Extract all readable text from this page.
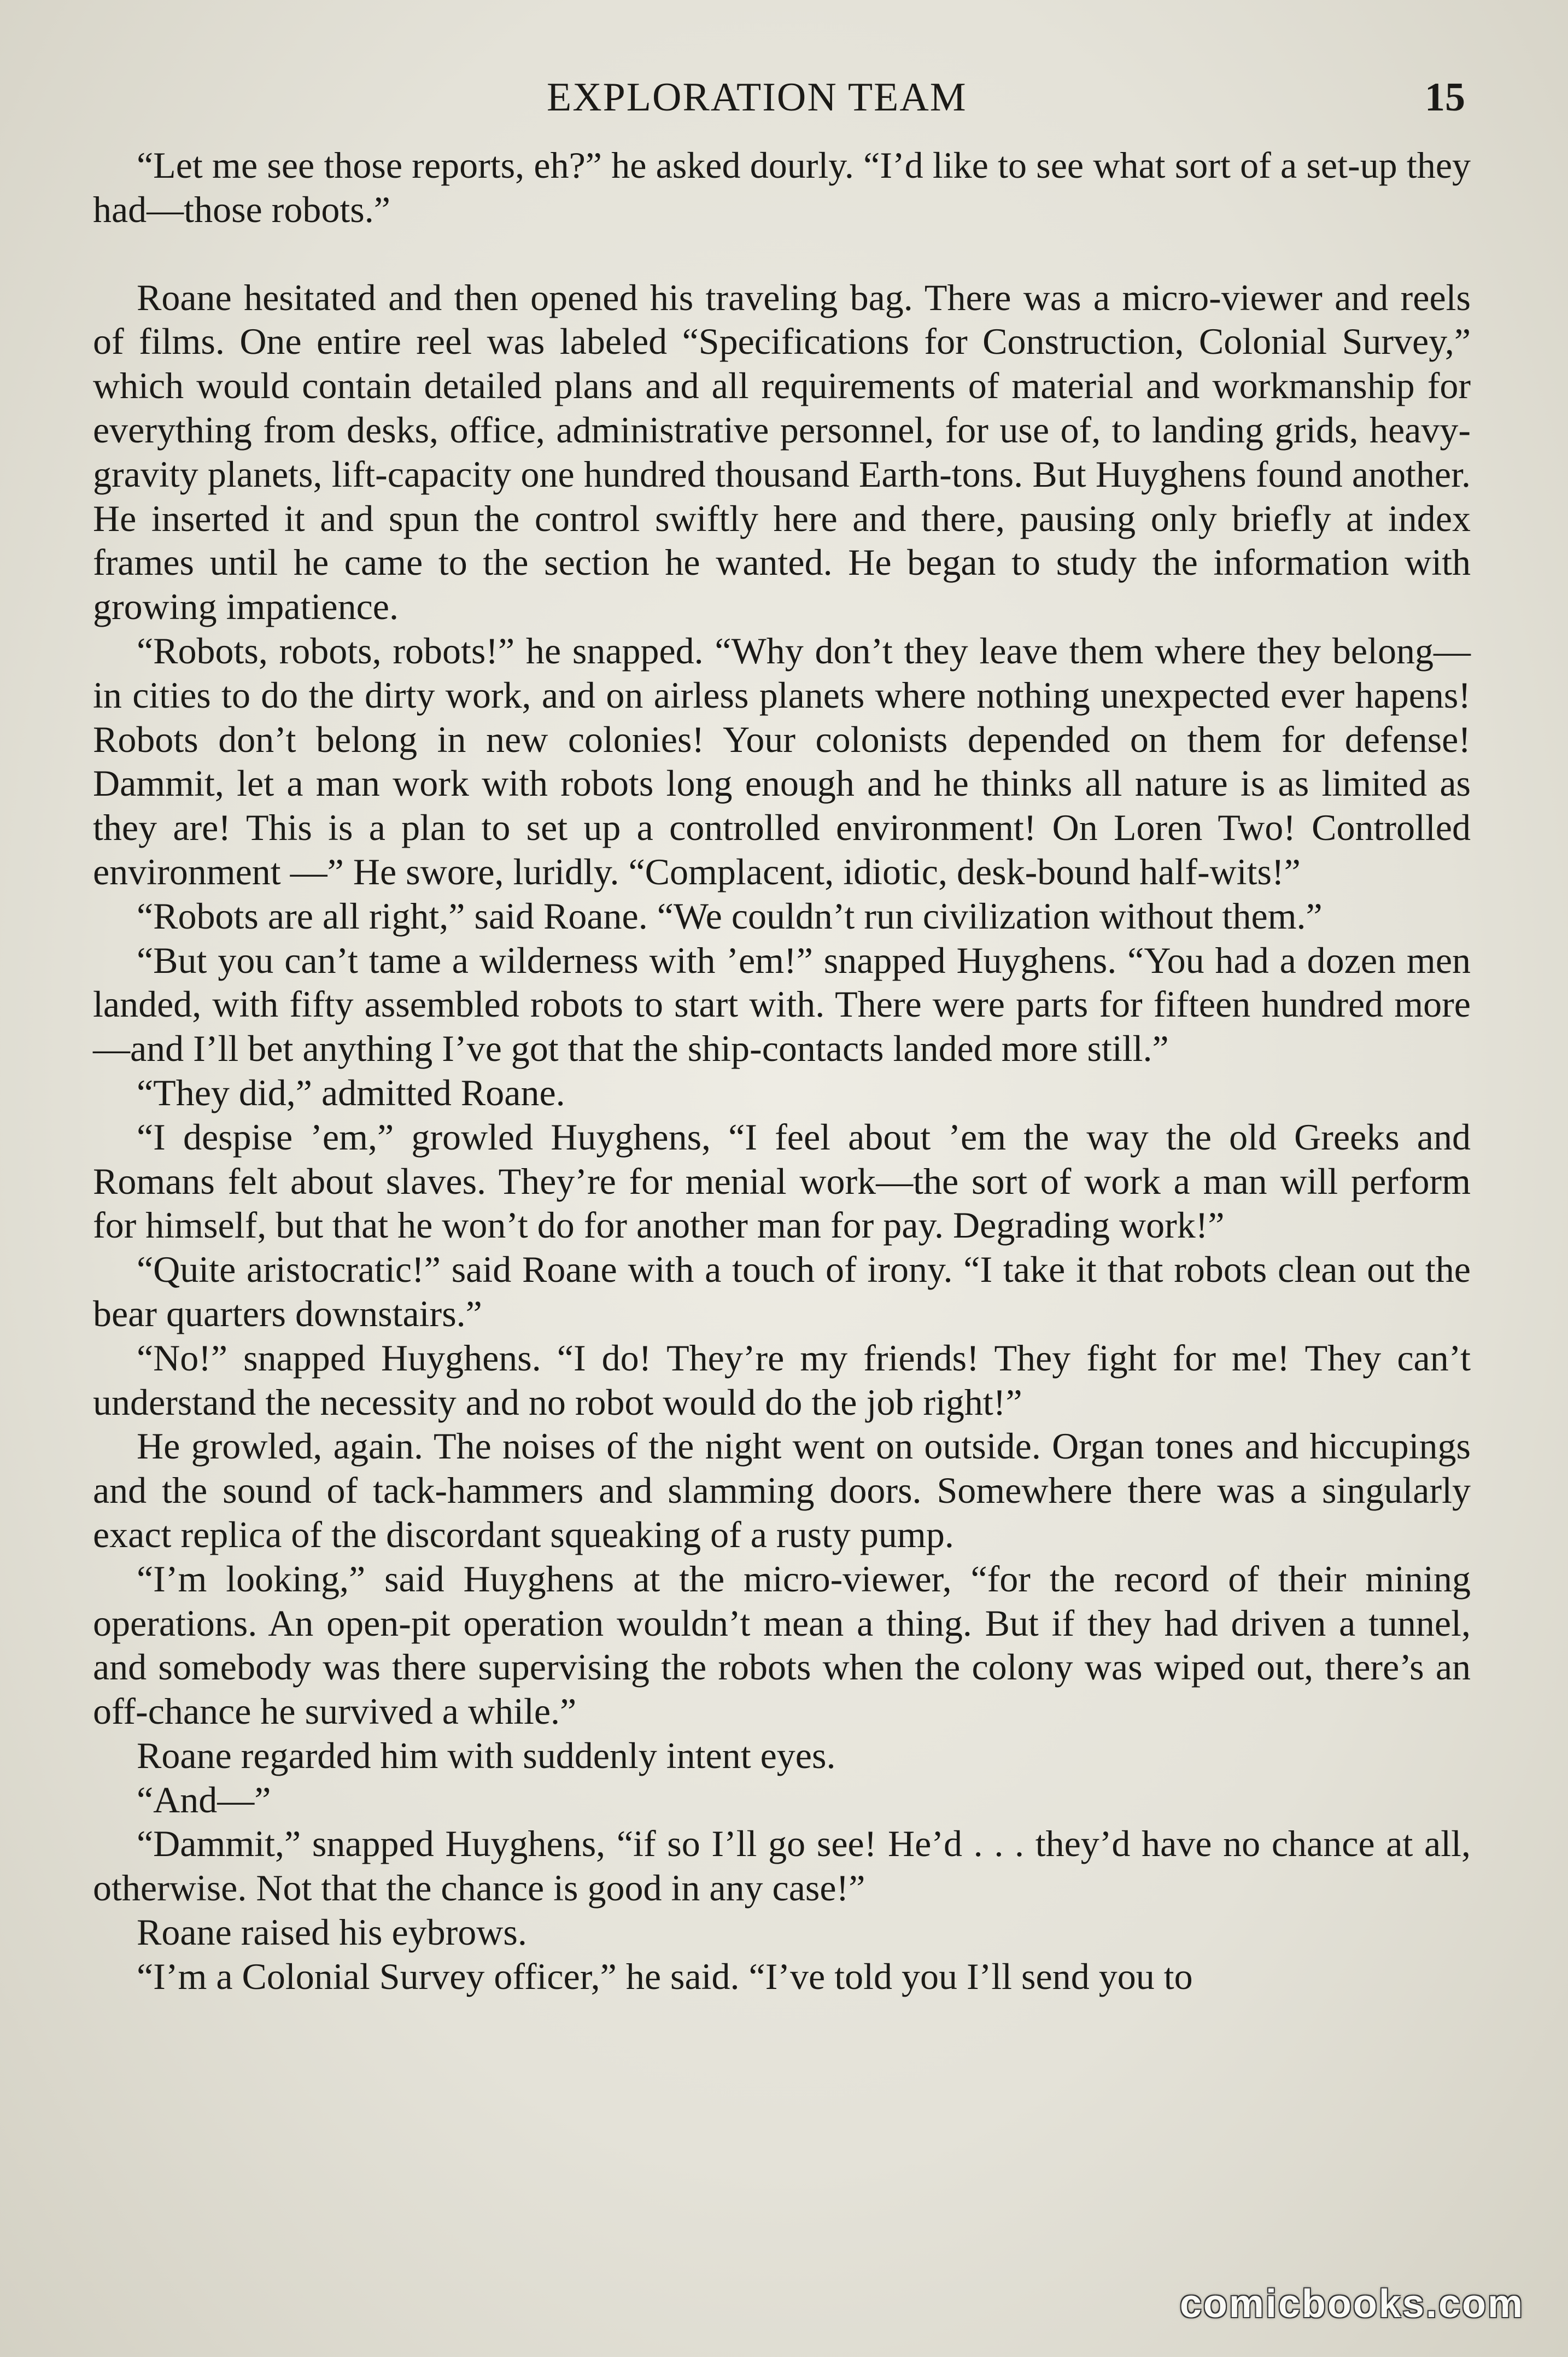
EXPLORATION TEAM	15

“Let me see those reports, eh?” he asked dourly. “I’d like to see what sort of a set-up they had—those robots.”

Roane hesitated and then opened his traveling bag. There was a micro-viewer and reels of films. One entire reel was labeled “Specifications for Construction, Colonial Survey,” which would contain detailed plans and all requirements of material and workmanship for everything from desks, office, administrative personnel, for use of, to landing grids, heavy-gravity planets, lift-capacity one hundred thousand Earth-tons. But Huyghens found another. He inserted it and spun the control swiftly here and there, pausing only briefly at index frames until he came to the section he wanted. He began to study the information with growing impatience.

“Robots, robots, robots!” he snapped. “Why don’t they leave them where they belong—in cities to do the dirty work, and on airless planets where nothing unexpected ever hapens! Robots don’t belong in new colonies! Your colonists depended on them for defense! Dammit, let a man work with robots long enough and he thinks all nature is as limited as they are! This is a plan to set up a controlled environment! On Loren Two! Controlled environment —” He swore, luridly. “Complacent, idiotic, desk-bound half-wits!”

“Robots are all right,” said Roane. “We couldn’t run civilization without them.”

“But you can’t tame a wilderness with ’em!” snapped Huyghens. “You had a dozen men landed, with fifty assembled robots to start with. There were parts for fifteen hundred more—and I’ll bet anything I’ve got that the ship-contacts landed more still.”

“They did,” admitted Roane.

“I despise ’em,” growled Huyghens, “I feel about ’em the way the old Greeks and Romans felt about slaves. They’re for menial work—the sort of work a man will perform for himself, but that he won’t do for another man for pay. Degrading work!”

“Quite aristocratic!” said Roane with a touch of irony. “I take it that robots clean out the bear quarters downstairs.”

“No!” snapped Huyghens. “I do! They’re my friends! They fight for me! They can’t understand the necessity and no robot would do the job right!”

He growled, again. The noises of the night went on outside. Organ tones and hiccupings and the sound of tack-hammers and slamming doors. Somewhere there was a singularly exact replica of the discordant squeaking of a rusty pump.

“I’m looking,” said Huyghens at the micro-viewer, “for the record of their mining operations. An open-pit operation wouldn’t mean a thing. But if they had driven a tunnel, and somebody was there supervising the robots when the colony was wiped out, there’s an off-chance he survived a while.”

Roane regarded him with suddenly intent eyes.

“And—”

“Dammit,” snapped Huyghens, “if so I’ll go see! He’d . . . they’d have no chance at all, otherwise. Not that the chance is good in any case!”

Roane raised his eybrows.

“I’m a Colonial Survey officer,” he said. “I’ve told you I’ll send you to

comicbooks.com
